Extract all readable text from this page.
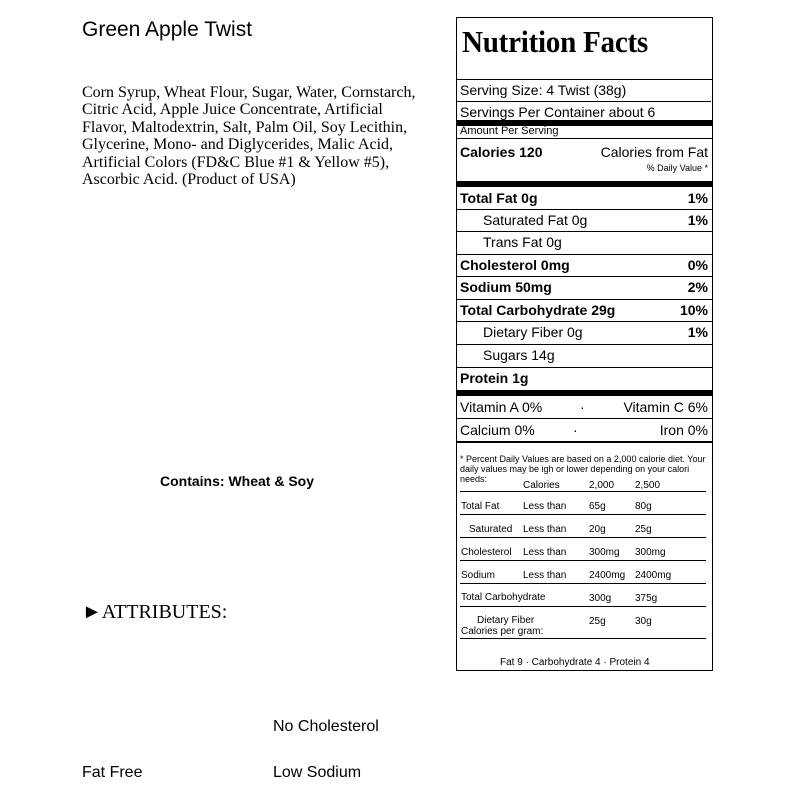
Green Apple Twist
Corn Syrup, Wheat Flour, Sugar, Water, Cornstarch, Citric Acid, Apple Juice Concentrate, Artificial Flavor, Maltodextrin, Salt, Palm Oil, Soy Lecithin, Glycerine, Mono- and Diglycerides, Malic Acid, Artificial Colors (FD&C Blue #1 & Yellow #5), Ascorbic Acid. (Product of USA)
Contains: Wheat & Soy
►ATTRIBUTES:
No Cholesterol
Fat Free	Low Sodium
Nutrition Facts
Serving Size: 4 Twist (38g)
Servings Per Container about 6
Amount Per Serving
Calories 120	Calories from Fat
% Daily Value *
Total Fat 0g	1%
Saturated Fat 0g	1%
Trans Fat 0g
Cholesterol 0mg	0%
Sodium 50mg	2%
Total Carbohydrate 29g	10%
Dietary Fiber 0g	1%
Sugars 14g
Protein 1g
Vitamin A 0%	·	Vitamin C 6%
Calcium 0%	·	Iron 0%
* Percent Daily Values are based on a 2,000 calorie diet. Your daily values may be igh or lower depending on your calori needs:
Calories	2,000 2,500
Total Fat Less than 65g	80g
Saturated Less than 20g	25g
Cholesterol Less than 300mg 300mg
Sodium	Less than 2400mg 2400mg
Total Carbohydrate	300g 375g
Dietary Fiber	25g	30g
Calories per gram:
Fat 9 · Carbohydrate 4 · Protein 4
